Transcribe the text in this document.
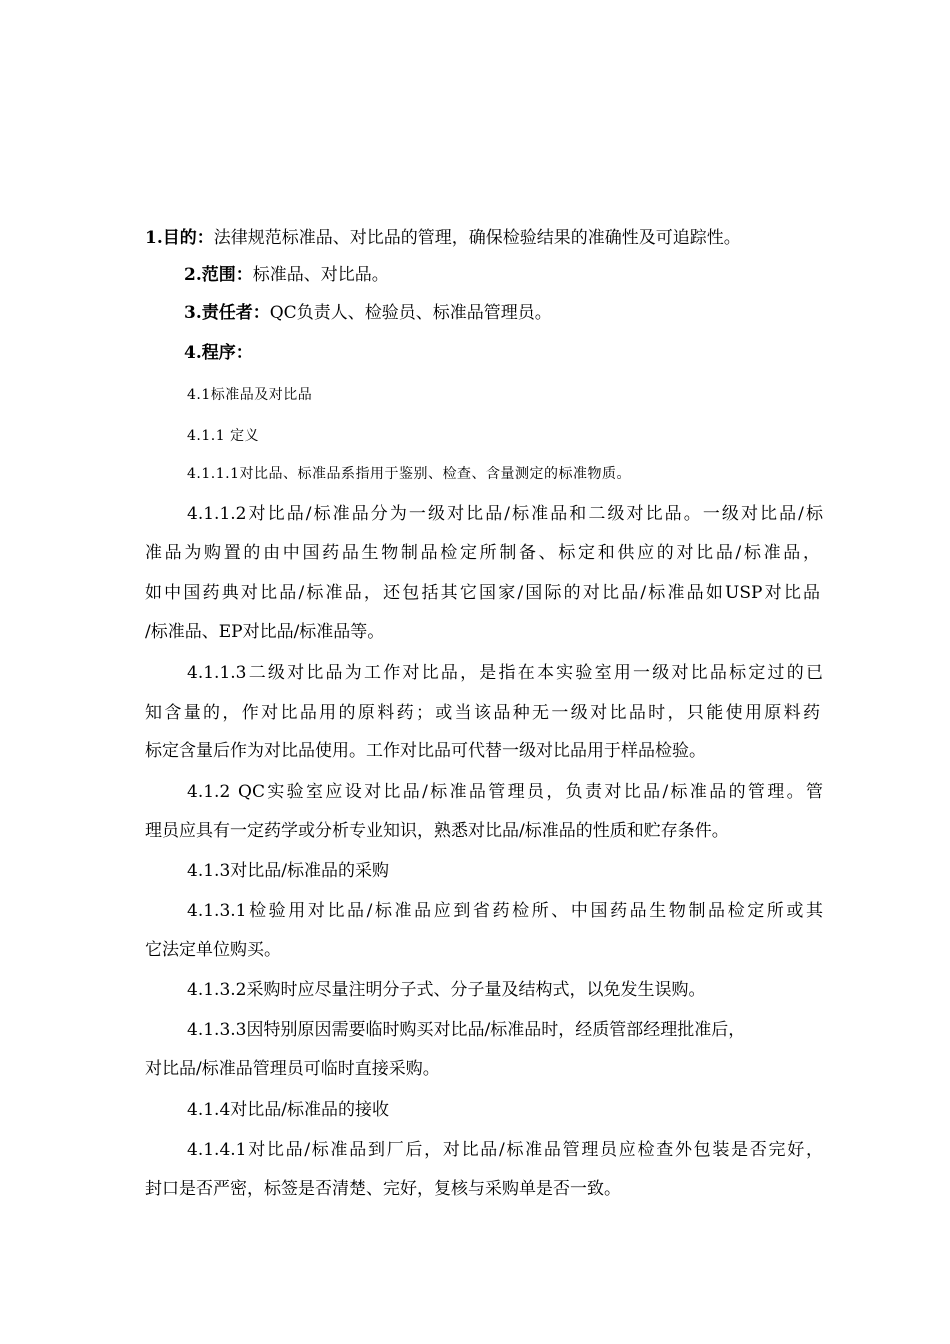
1.目的：法律规范标准品、对比品的管理，确保检验结果的准确性及可追踪性。
2.范围：标准品、对比品。
3.责任者：QC负责人、检验员、标准品管理员。
4.程序：
4.1标准品及对比品
4.1.1 定义
4.1.1.1对比品、标准品系指用于鉴别、检查、含量测定的标准物质。
4.1.1.2对比品/标准品分为一级对比品/标准品和二级对比品。一级对比品/标
准品为购置的由中国药品生物制品检定所制备、标定和供应的对比品/标准品，
如中国药典对比品/标准品，还包括其它国家/国际的对比品/标准品如USP对比品
/标准品、EP对比品/标准品等。
4.1.1.3二级对比品为工作对比品，是指在本实验室用一级对比品标定过的已
知含量的，作对比品用的原料药；或当该品种无一级对比品时，只能使用原料药
标定含量后作为对比品使用。工作对比品可代替一级对比品用于样品检验。
4.1.2 QC实验室应设对比品/标准品管理员，负责对比品/标准品的管理。管
理员应具有一定药学或分析专业知识，熟悉对比品/标准品的性质和贮存条件。
4.1.3对比品/标准品的采购
4.1.3.1检验用对比品/标准品应到省药检所、中国药品生物制品检定所或其
它法定单位购买。
4.1.3.2采购时应尽量注明分子式、分子量及结构式，以免发生误购。
4.1.3.3因特别原因需要临时购买对比品/标准品时，经质管部经理批准后，
对比品/标准品管理员可临时直接采购。
4.1.4对比品/标准品的接收
4.1.4.1对比品/标准品到厂后，对比品/标准品管理员应检查外包装是否完好，
封口是否严密，标签是否清楚、完好，复核与采购单是否一致。
